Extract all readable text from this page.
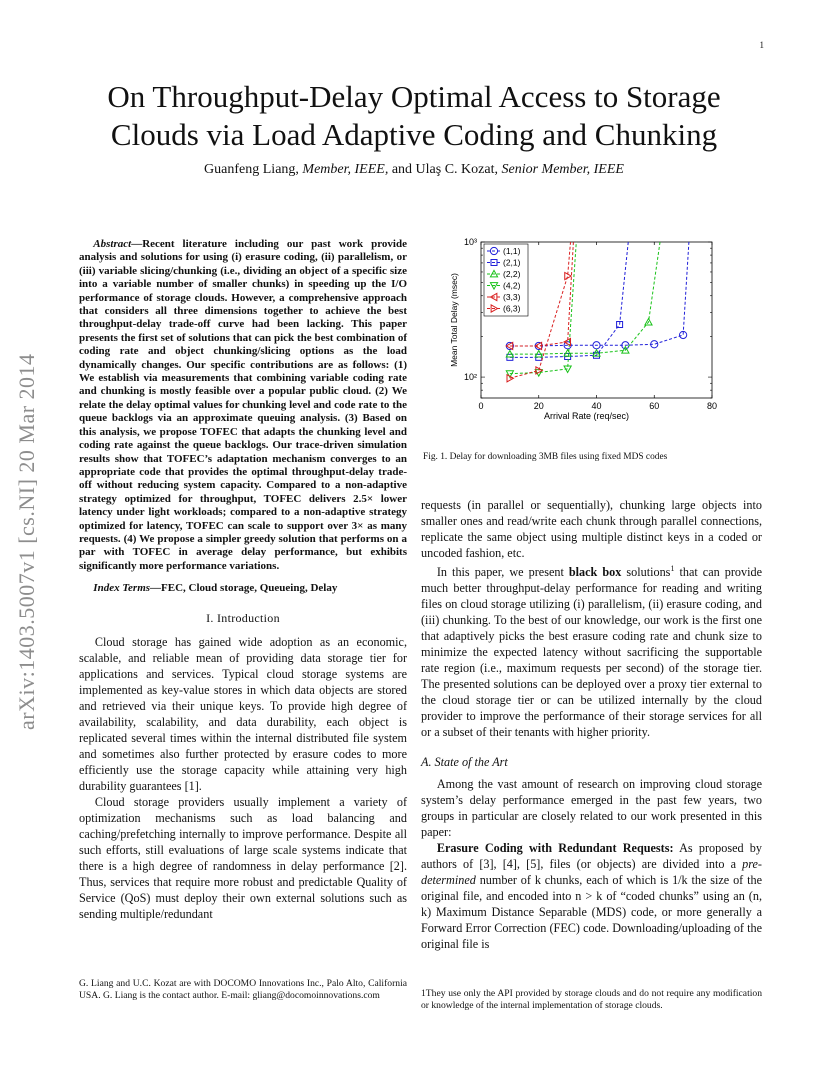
1
On Throughput-Delay Optimal Access to Storage
Clouds via Load Adaptive Coding and Chunking
Guanfeng Liang, Member, IEEE, and Ulaş C. Kozat, Senior Member, IEEE
arXiv:1403.5007v1 [cs.NI] 20 Mar 2014

Abstract—Recent literature including our past work provide analysis and solutions for using (i) erasure coding, (ii) parallelism, or (iii) variable slicing/chunking (i.e., dividing an object of a specific size into a variable number of smaller chunks) in speeding up the I/O performance of storage clouds. However, a comprehensive approach that considers all three dimensions together to achieve the best throughput-delay trade-off curve had been lacking. This paper presents the first set of solutions that can pick the best combination of coding rate and object chunking/slicing options as the load dynamically changes. Our specific contributions are as follows: (1) We establish via measurements that combining variable coding rate and chunking is mostly feasible over a popular public cloud. (2) We relate the delay optimal values for chunking level and code rate to the queue backlogs via an approximate queuing analysis. (3) Based on this analysis, we propose TOFEC that adapts the chunking level and coding rate against the queue backlogs. Our trace-driven simulation results show that TOFEC’s adaptation mechanism converges to an appropriate code that provides the optimal throughput-delay trade-off without reducing system capacity. Compared to a non-adaptive strategy optimized for throughput, TOFEC delivers 2.5× lower latency under light workloads; compared to a non-adaptive strategy optimized for latency, TOFEC can scale to support over 3× as many requests. (4) We propose a simpler greedy solution that performs on a par with TOFEC in average delay performance, but exhibits significantly more performance variations.

Index Terms—FEC, Cloud storage, Queueing, Delay

I. Introduction

Cloud storage has gained wide adoption as an economic, scalable, and reliable mean of providing data storage tier for applications and services. Typical cloud storage systems are implemented as key-value stores in which data objects are stored and retrieved via their unique keys. To provide high degree of availability, scalability, and data durability, each object is replicated several times within the internal distributed file system and sometimes also further protected by erasure codes to more efficiently use the storage capacity while attaining very high durability guarantees [1].

Cloud storage providers usually implement a variety of optimization mechanisms such as load balancing and caching/prefetching internally to improve performance. Despite all such efforts, still evaluations of large scale systems indicate that there is a high degree of randomness in delay performance [2]. Thus, services that require more robust and predictable Quality of Service (QoS) must deploy their own external solutions such as sending multiple/redundant

G. Liang and U.C. Kozat are with DOCOMO Innovations Inc., Palo Alto, California USA. G. Liang is the contact author. E-mail: gliang@docomoinnovations.com
0	20	40	60	80
10²
10³
Arrival Rate (req/sec)
Mean Total Delay (msec)
(1,1)
(2,1)
(2,2)
(4,2)
(3,3)
(6,3)
Fig. 1. Delay for downloading 3MB files using fixed MDS codes

requests (in parallel or sequentially), chunking large objects into smaller ones and read/write each chunk through parallel connections, replicate the same object using multiple distinct keys in a coded or uncoded fashion, etc.

In this paper, we present black box solutions$^1$ that can provide much better throughput-delay performance for reading and writing files on cloud storage utilizing (i) parallelism, (ii) erasure coding, and (iii) chunking. To the best of our knowledge, our work is the first one that adaptively picks the best erasure coding rate and chunk size to minimize the expected latency without sacrificing the supportable rate region (i.e., maximum requests per second) of the storage tier. The presented solutions can be deployed over a proxy tier external to the cloud storage tier or can be utilized internally by the cloud provider to improve the performance of their storage services for all or a subset of their tenants with higher priority.

A. State of the Art

Among the vast amount of research on improving cloud storage system’s delay performance emerged in the past few years, two groups in particular are closely related to our work presented in this paper:

Erasure Coding with Redundant Requests: As proposed by authors of [3], [4], [5], files (or objects) are divided into a pre-determined number of k chunks, each of which is 1/k the size of the original file, and encoded into n > k of “coded chunks” using an (n, k) Maximum Distance Separable (MDS) code, or more generally a Forward Error Correction (FEC) code. Downloading/uploading of the original file is

1They use only the API provided by storage clouds and do not require any modification or knowledge of the internal implementation of storage clouds.
